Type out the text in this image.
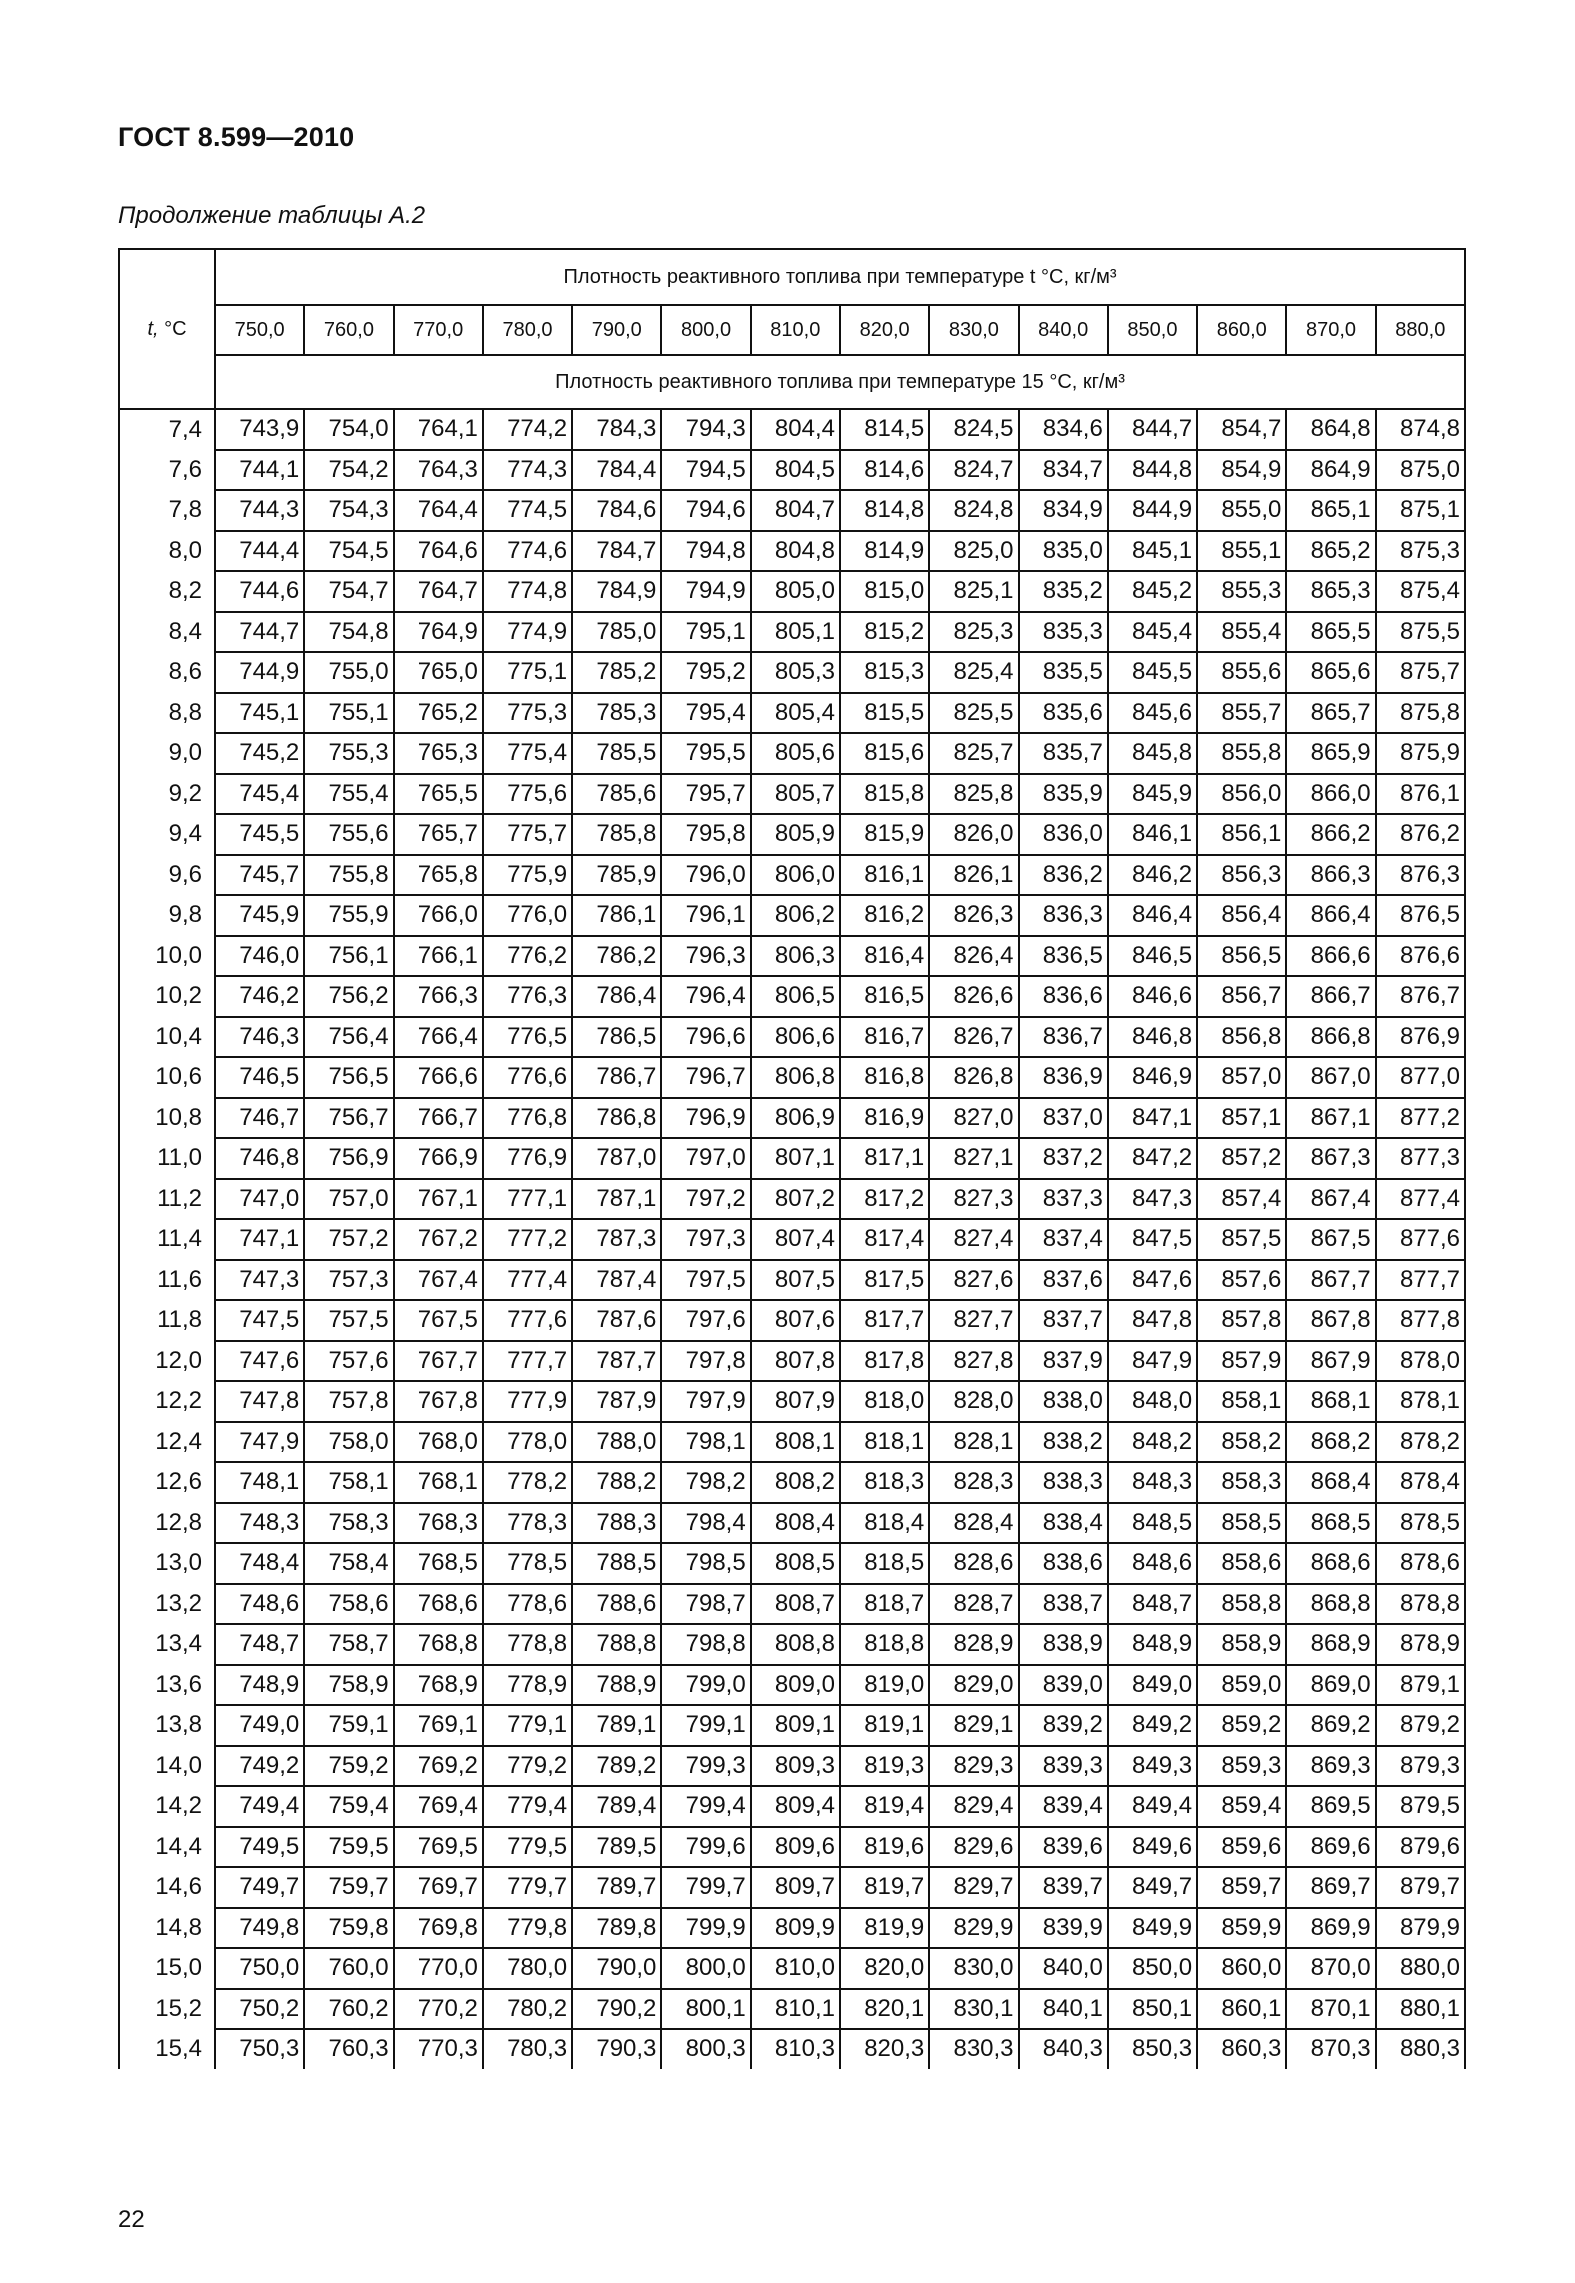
ГОСТ 8.599—2010
Продолжение таблицы А.2
t, °C	Плотность реактивного топлива при температуре t °C, кг/м³													
	750,0	760,0	770,0	780,0	790,0	800,0	810,0	820,0	830,0	840,0	850,0	860,0	870,0	880,0
	Плотность реактивного топлива при температуре 15 °C, кг/м³													
7,4	743,9	754,0	764,1	774,2	784,3	794,3	804,4	814,5	824,5	834,6	844,7	854,7	864,8	874,8
7,6	744,1	754,2	764,3	774,3	784,4	794,5	804,5	814,6	824,7	834,7	844,8	854,9	864,9	875,0
7,8	744,3	754,3	764,4	774,5	784,6	794,6	804,7	814,8	824,8	834,9	844,9	855,0	865,1	875,1
8,0	744,4	754,5	764,6	774,6	784,7	794,8	804,8	814,9	825,0	835,0	845,1	855,1	865,2	875,3
8,2	744,6	754,7	764,7	774,8	784,9	794,9	805,0	815,0	825,1	835,2	845,2	855,3	865,3	875,4
8,4	744,7	754,8	764,9	774,9	785,0	795,1	805,1	815,2	825,3	835,3	845,4	855,4	865,5	875,5
8,6	744,9	755,0	765,0	775,1	785,2	795,2	805,3	815,3	825,4	835,5	845,5	855,6	865,6	875,7
8,8	745,1	755,1	765,2	775,3	785,3	795,4	805,4	815,5	825,5	835,6	845,6	855,7	865,7	875,8
9,0	745,2	755,3	765,3	775,4	785,5	795,5	805,6	815,6	825,7	835,7	845,8	855,8	865,9	875,9
9,2	745,4	755,4	765,5	775,6	785,6	795,7	805,7	815,8	825,8	835,9	845,9	856,0	866,0	876,1
9,4	745,5	755,6	765,7	775,7	785,8	795,8	805,9	815,9	826,0	836,0	846,1	856,1	866,2	876,2
9,6	745,7	755,8	765,8	775,9	785,9	796,0	806,0	816,1	826,1	836,2	846,2	856,3	866,3	876,3
9,8	745,9	755,9	766,0	776,0	786,1	796,1	806,2	816,2	826,3	836,3	846,4	856,4	866,4	876,5
10,0	746,0	756,1	766,1	776,2	786,2	796,3	806,3	816,4	826,4	836,5	846,5	856,5	866,6	876,6
10,2	746,2	756,2	766,3	776,3	786,4	796,4	806,5	816,5	826,6	836,6	846,6	856,7	866,7	876,7
10,4	746,3	756,4	766,4	776,5	786,5	796,6	806,6	816,7	826,7	836,7	846,8	856,8	866,8	876,9
10,6	746,5	756,5	766,6	776,6	786,7	796,7	806,8	816,8	826,8	836,9	846,9	857,0	867,0	877,0
10,8	746,7	756,7	766,7	776,8	786,8	796,9	806,9	816,9	827,0	837,0	847,1	857,1	867,1	877,2
11,0	746,8	756,9	766,9	776,9	787,0	797,0	807,1	817,1	827,1	837,2	847,2	857,2	867,3	877,3
11,2	747,0	757,0	767,1	777,1	787,1	797,2	807,2	817,2	827,3	837,3	847,3	857,4	867,4	877,4
11,4	747,1	757,2	767,2	777,2	787,3	797,3	807,4	817,4	827,4	837,4	847,5	857,5	867,5	877,6
11,6	747,3	757,3	767,4	777,4	787,4	797,5	807,5	817,5	827,6	837,6	847,6	857,6	867,7	877,7
11,8	747,5	757,5	767,5	777,6	787,6	797,6	807,6	817,7	827,7	837,7	847,8	857,8	867,8	877,8
12,0	747,6	757,6	767,7	777,7	787,7	797,8	807,8	817,8	827,8	837,9	847,9	857,9	867,9	878,0
12,2	747,8	757,8	767,8	777,9	787,9	797,9	807,9	818,0	828,0	838,0	848,0	858,1	868,1	878,1
12,4	747,9	758,0	768,0	778,0	788,0	798,1	808,1	818,1	828,1	838,2	848,2	858,2	868,2	878,2
12,6	748,1	758,1	768,1	778,2	788,2	798,2	808,2	818,3	828,3	838,3	848,3	858,3	868,4	878,4
12,8	748,3	758,3	768,3	778,3	788,3	798,4	808,4	818,4	828,4	838,4	848,5	858,5	868,5	878,5
13,0	748,4	758,4	768,5	778,5	788,5	798,5	808,5	818,5	828,6	838,6	848,6	858,6	868,6	878,6
13,2	748,6	758,6	768,6	778,6	788,6	798,7	808,7	818,7	828,7	838,7	848,7	858,8	868,8	878,8
13,4	748,7	758,7	768,8	778,8	788,8	798,8	808,8	818,8	828,9	838,9	848,9	858,9	868,9	878,9
13,6	748,9	758,9	768,9	778,9	788,9	799,0	809,0	819,0	829,0	839,0	849,0	859,0	869,0	879,1
13,8	749,0	759,1	769,1	779,1	789,1	799,1	809,1	819,1	829,1	839,2	849,2	859,2	869,2	879,2
14,0	749,2	759,2	769,2	779,2	789,2	799,3	809,3	819,3	829,3	839,3	849,3	859,3	869,3	879,3
14,2	749,4	759,4	769,4	779,4	789,4	799,4	809,4	819,4	829,4	839,4	849,4	859,4	869,5	879,5
14,4	749,5	759,5	769,5	779,5	789,5	799,6	809,6	819,6	829,6	839,6	849,6	859,6	869,6	879,6
14,6	749,7	759,7	769,7	779,7	789,7	799,7	809,7	819,7	829,7	839,7	849,7	859,7	869,7	879,7
14,8	749,8	759,8	769,8	779,8	789,8	799,9	809,9	819,9	829,9	839,9	849,9	859,9	869,9	879,9
15,0	750,0	760,0	770,0	780,0	790,0	800,0	810,0	820,0	830,0	840,0	850,0	860,0	870,0	880,0
15,2	750,2	760,2	770,2	780,2	790,2	800,1	810,1	820,1	830,1	840,1	850,1	860,1	870,1	880,1
15,4	750,3	760,3	770,3	780,3	790,3	800,3	810,3	820,3	830,3	840,3	850,3	860,3	870,3	880,3
22
